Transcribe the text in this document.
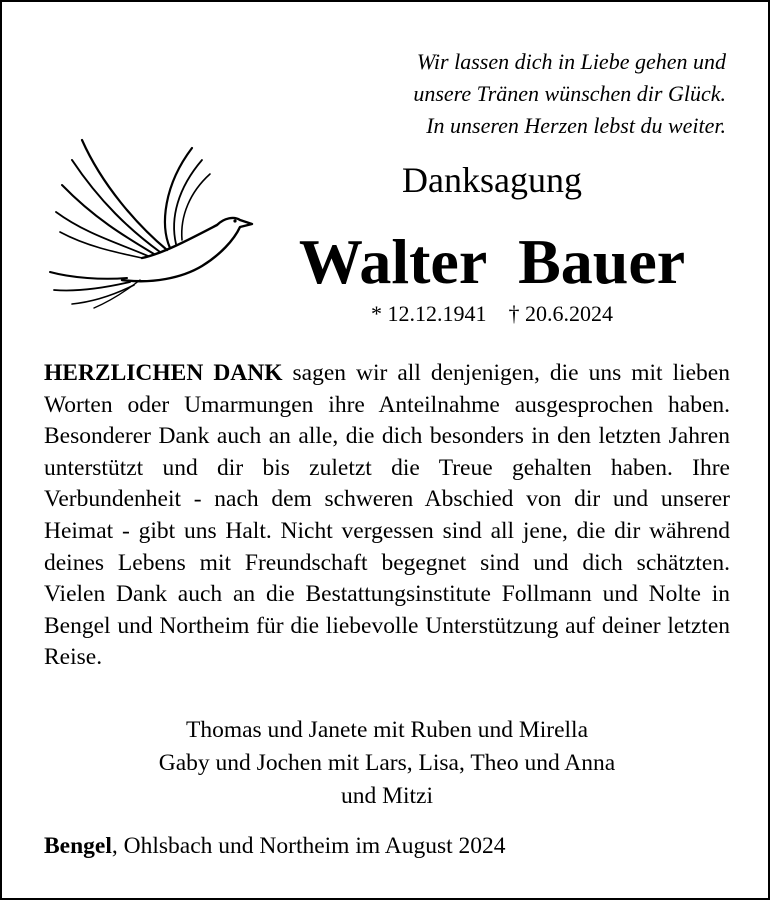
Wir lassen dich in Liebe gehen und
unsere Tränen wünschen dir Glück.
In unseren Herzen lebst du weiter.
Danksagung
Walter  Bauer
* 12.12.1941    † 20.6.2024
HERZLICHEN DANK sagen wir all denjenigen, die uns mit lieben Worten oder Umarmungen ihre Anteilnahme ausgesprochen haben. Besonderer Dank auch an alle, die dich besonders in den letzten Jahren unterstützt und dir bis zuletzt die Treue gehalten haben. Ihre Verbundenheit - nach dem schweren Abschied von dir und unserer Heimat - gibt uns Halt. Nicht vergessen sind all jene, die dir während deines Lebens mit Freundschaft begegnet sind und dich schätzten. Vielen Dank auch an die Bestattungsinstitute Follmann und Nolte in Bengel und Northeim für die liebevolle Unterstützung auf deiner letzten Reise.
Thomas und Janete mit Ruben und Mirella
Gaby und Jochen mit Lars, Lisa, Theo und Anna
und Mitzi
Bengel, Ohlsbach und Northeim im August 2024
